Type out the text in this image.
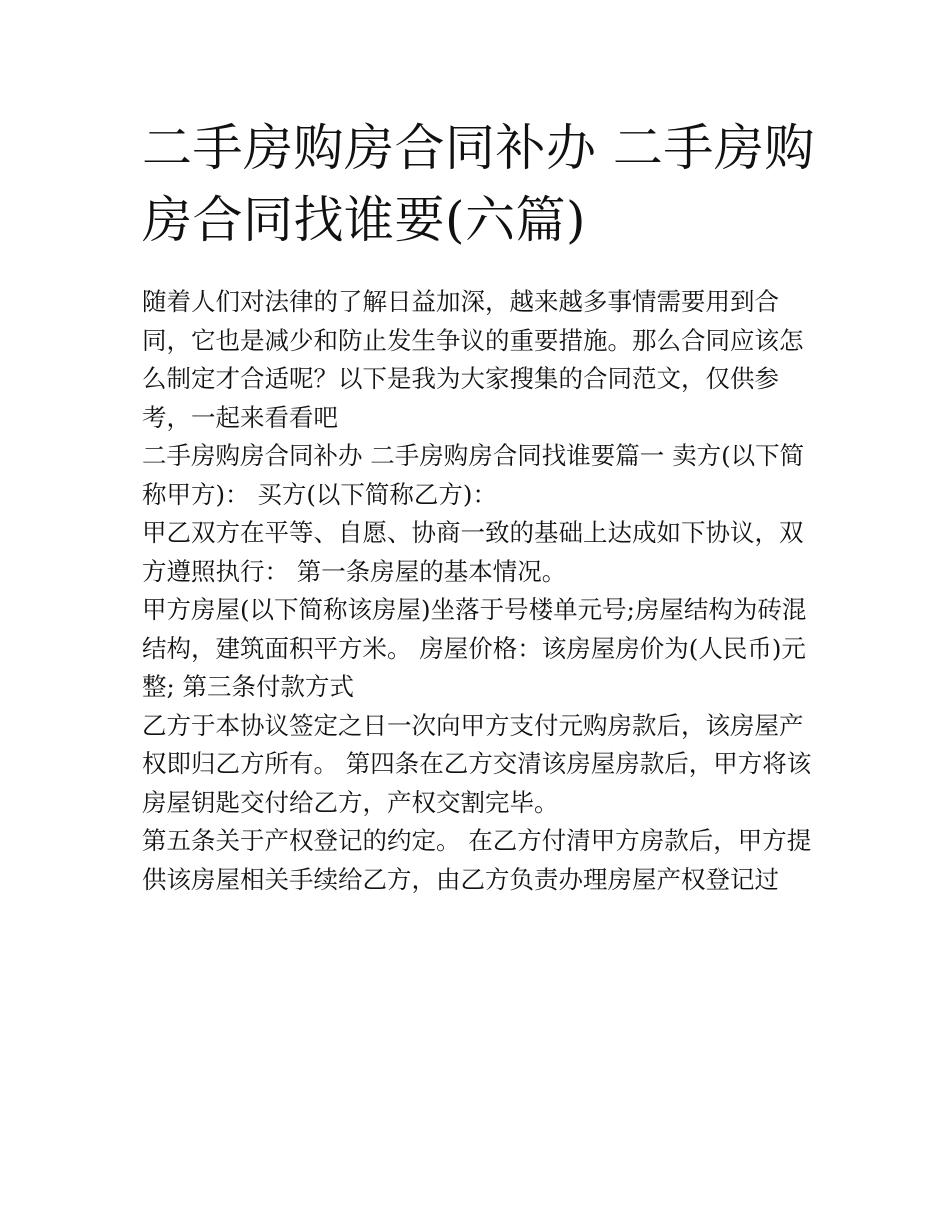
二手房购房合同补办 二手房购房合同找谁要(六篇)

随着人们对法律的了解日益加深，越来越多事情需要用到合同，它也是减少和防止发生争议的重要措施。那么合同应该怎么制定才合适呢？以下是我为大家搜集的合同范文，仅供参考，一起来看看吧

二手房购房合同补办 二手房购房合同找谁要篇一 卖方(以下简称甲方)： 买方(以下简称乙方)：

甲乙双方在平等、自愿、协商一致的基础上达成如下协议，双方遵照执行： 第一条房屋的基本情况。

甲方房屋(以下简称该房屋)坐落于号楼单元号;房屋结构为砖混结构，建筑面积平方米。 房屋价格：该房屋房价为(人民币)元整; 第三条付款方式

乙方于本协议签定之日一次向甲方支付元购房款后，该房屋产权即归乙方所有。 第四条在乙方交清该房屋房款后，甲方将该房屋钥匙交付给乙方，产权交割完毕。

第五条关于产权登记的约定。 在乙方付清甲方房款后，甲方提供该房屋相关手续给乙方，由乙方负责办理房屋产权登记过
